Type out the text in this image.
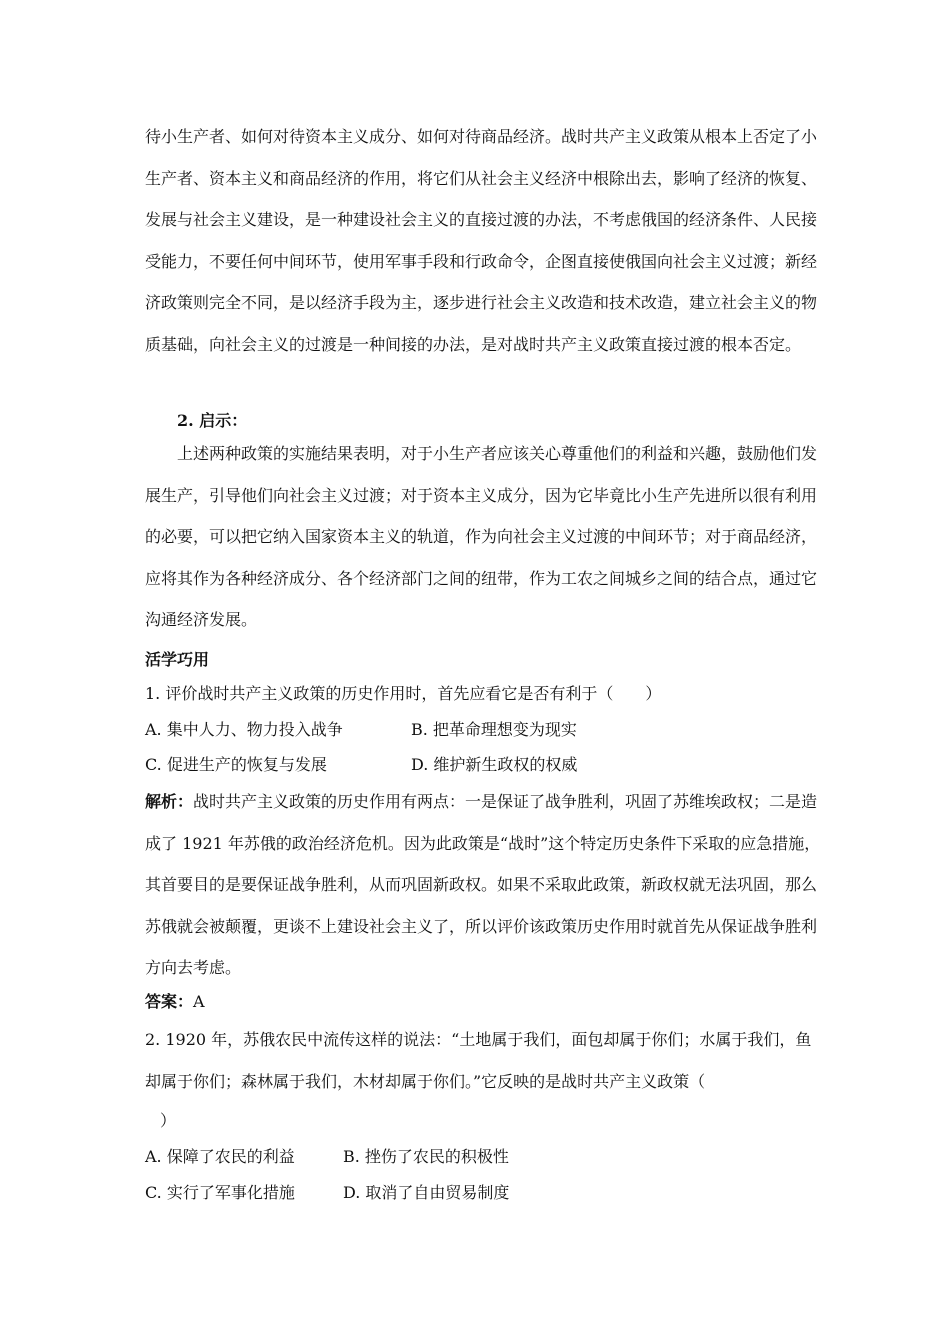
待小生产者、如何对待资本主义成分、如何对待商品经济。战时共产主义政策从根本上否定了小生产者、资本主义和商品经济的作用，将它们从社会主义经济中根除出去，影响了经济的恢复、发展与社会主义建设，是一种建设社会主义的直接过渡的办法，不考虑俄国的经济条件、人民接受能力，不要任何中间环节，使用军事手段和行政命令，企图直接使俄国向社会主义过渡；新经济政策则完全不同，是以经济手段为主，逐步进行社会主义改造和技术改造，建立社会主义的物质基础，向社会主义的过渡是一种间接的办法，是对战时共产主义政策直接过渡的根本否定。

2. 启示：

上述两种政策的实施结果表明，对于小生产者应该关心尊重他们的利益和兴趣，鼓励他们发展生产，引导他们向社会主义过渡；对于资本主义成分，因为它毕竟比小生产先进所以很有利用的必要，可以把它纳入国家资本主义的轨道，作为向社会主义过渡的中间环节；对于商品经济，应将其作为各种经济成分、各个经济部门之间的纽带，作为工农之间城乡之间的结合点，通过它沟通经济发展。

活学巧用
1. 评价战时共产主义政策的历史作用时，首先应看它是否有利于（　　）
A. 集中人力、物力投入战争	B. 把革命理想变为现实
C. 促进生产的恢复与发展	D. 维护新生政权的权威

解析：战时共产主义政策的历史作用有两点：一是保证了战争胜利，巩固了苏维埃政权；二是造成了 1921 年苏俄的政治经济危机。因为此政策是“战时”这个特定历史条件下采取的应急措施，其首要目的是要保证战争胜利，从而巩固新政权。如果不采取此政策，新政权就无法巩固，那么苏俄就会被颠覆，更谈不上建设社会主义了，所以评价该政策历史作用时就首先从保证战争胜利方向去考虑。

答案：A

2. 1920 年，苏俄农民中流传这样的说法：“土地属于我们，面包却属于你们；水属于我们，鱼却属于你们；森林属于我们，木材却属于你们。”它反映的是战时共产主义政策（

）
A. 保障了农民的利益	B. 挫伤了农民的积极性
C. 实行了军事化措施	D. 取消了自由贸易制度
